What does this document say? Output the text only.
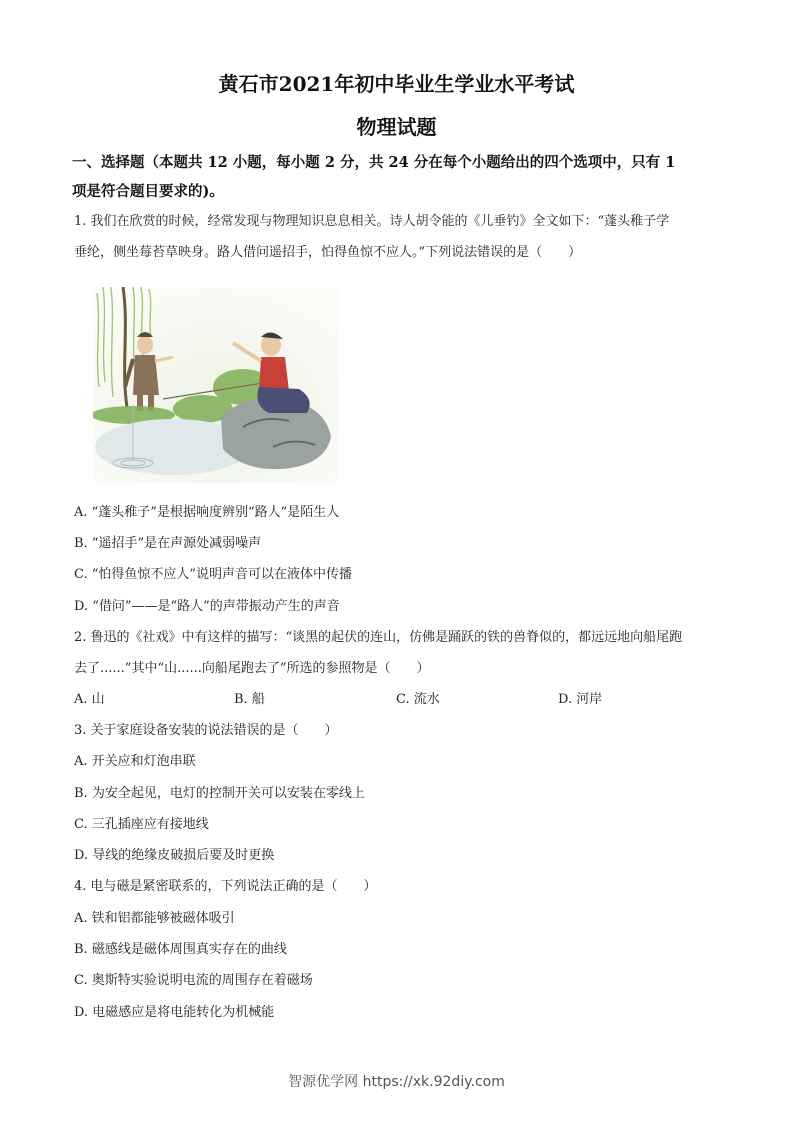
黄石市2021年初中毕业生学业水平考试
物理试题
一、选择题（本题共 12 小题，每小题 2 分，共 24 分在每个小题给出的四个选项中，只有 1
项是符合题目要求的)。
1. 我们在欣赏的时候，经常发现与物理知识息息相关。诗人胡令能的《儿垂钓》全文如下：“蓬头稚子学
垂纶，侧坐莓苔草映身。路人借问遥招手，怕得鱼惊不应人。”下列说法错误的是（　　）
A. “蓬头稚子”是根据响度辨别“路人”是陌生人
B. “遥招手”是在声源处减弱噪声
C. “怕得鱼惊不应人”说明声音可以在液体中传播
D. “借问”——是“路人”的声带振动产生的声音
2. 鲁迅的《社戏》中有这样的描写：“谈黑的起伏的连山，仿佛是踊跃的铁的兽脊似的，都远远地向船尾跑
去了......”其中“山......向船尾跑去了”所选的参照物是（　　）
A. 山	B. 船	C. 流水	D. 河岸
3. 关于家庭设备安装的说法错误的是（　　）
A. 开关应和灯泡串联
B. 为安全起见，电灯的控制开关可以安装在零线上
C. 三孔插座应有接地线
D. 导线的绝缘皮破损后要及时更换
4. 电与磁是紧密联系的，下列说法正确的是（　　）
A. 铁和铝都能够被磁体吸引
B. 磁感线是磁体周围真实存在的曲线
C. 奥斯特实验说明电流的周围存在着磁场
D. 电磁感应是将电能转化为机械能
智源优学网 https://xk.92diy.com
